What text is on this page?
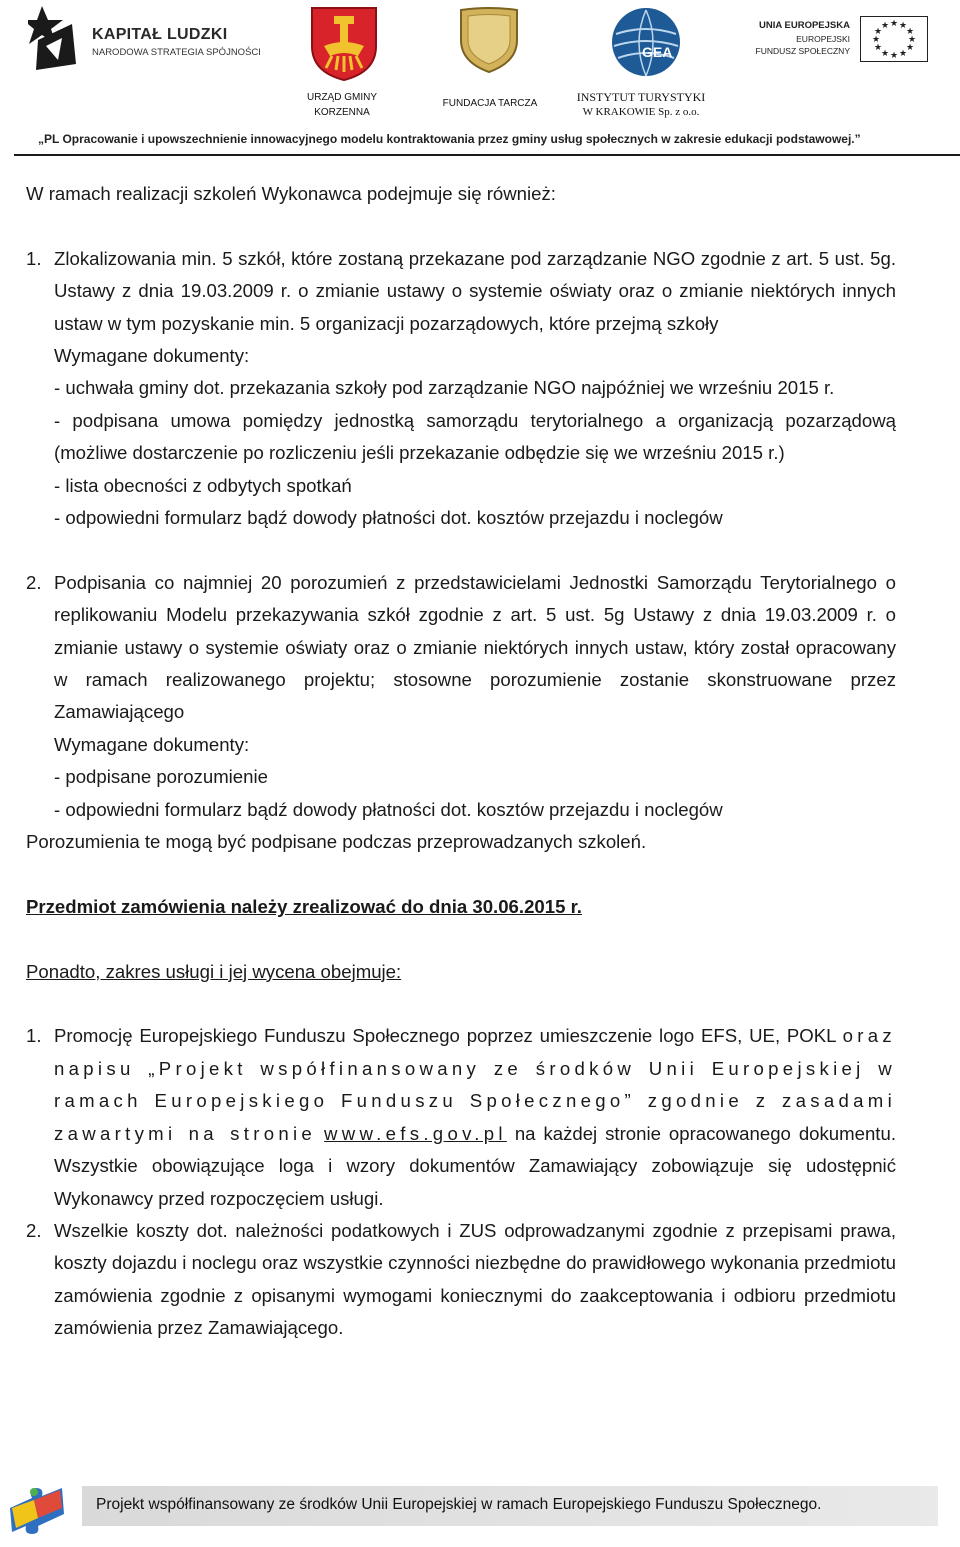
KAPITAŁ LUDZKI
NARODOWA STRATEGIA SPÓJNOŚCI	GEA
UNIA EUROPEJSKA
EUROPEJSKI
FUNDUSZ SPOŁECZNY
★ ★
★
★
★
★
★
★
★
★
★
★
URZĄD GMINY
KORZENNA
FUNDACJA TARCZA	INSTYTUT TURYSTYKI
W KRAKOWIE Sp. z o.o.
„PL Opracowanie i upowszechnienie innowacyjnego modelu kontraktowania przez gminy usług społecznych w zakresie edukacji podstawowej.”

W ramach realizacji szkoleń Wykonawca podejmuje się również:

1. Zlokalizowania min. 5 szkół, które zostaną przekazane pod zarządzanie NGO zgodnie z art. 5 ust. 5g. Ustawy z dnia 19.03.2009 r. o zmianie ustawy o systemie oświaty oraz o zmianie niektórych innych ustaw w tym pozyskanie min. 5 organizacji pozarządowych, które przejmą szkoły

Wymagane dokumenty:

- uchwała gminy dot. przekazania szkoły pod zarządzanie NGO najpóźniej we wrześniu 2015 r.

- podpisana umowa pomiędzy jednostką samorządu terytorialnego a organizacją pozarządową (możliwe dostarczenie po rozliczeniu jeśli przekazanie odbędzie się we wrześniu 2015 r.)

- lista obecności z odbytych spotkań

- odpowiedni formularz bądź dowody płatności dot. kosztów przejazdu i noclegów

2. Podpisania co najmniej 20 porozumień z przedstawicielami Jednostki Samorządu Terytorialnego o replikowaniu Modelu przekazywania szkół zgodnie z art. 5 ust. 5g Ustawy z dnia 19.03.2009 r. o zmianie ustawy o systemie oświaty oraz o zmianie niektórych innych ustaw, który został opracowany w ramach realizowanego projektu; stosowne porozumienie zostanie skonstruowane przez Zamawiającego

Wymagane dokumenty:

- podpisane porozumienie

- odpowiedni formularz bądź dowody płatności dot. kosztów przejazdu i noclegów

Porozumienia te mogą być podpisane podczas przeprowadzanych szkoleń.

Przedmiot zamówienia należy zrealizować do dnia 30.06.2015 r.

Ponadto, zakres usługi i jej wycena obejmuje:

1. Promocję Europejskiego Funduszu Społecznego poprzez umieszczenie logo EFS, UE, POKL oraz napisu „Projekt współfinansowany ze środków Unii Europejskiej w ramach Europejskiego Funduszu Społecznego” zgodnie z zasadami zawartymi na stronie www.efs.gov.pl na każdej stronie opracowanego dokumentu. Wszystkie obowiązujące loga i wzory dokumentów Zamawiający zobowiązuje się udostępnić Wykonawcy przed rozpoczęciem usługi.
2. Wszelkie koszty dot. należności podatkowych i ZUS odprowadzanymi zgodnie z przepisami prawa, koszty dojazdu i noclegu oraz wszystkie czynności niezbędne do prawidłowego wykonania przedmiotu zamówienia zgodnie z opisanymi wymogami koniecznymi do zaakceptowania i odbioru przedmiotu zamówienia przez Zamawiającego.
Projekt współfinansowany ze środków Unii Europejskiej w ramach Europejskiego Funduszu Społecznego.
